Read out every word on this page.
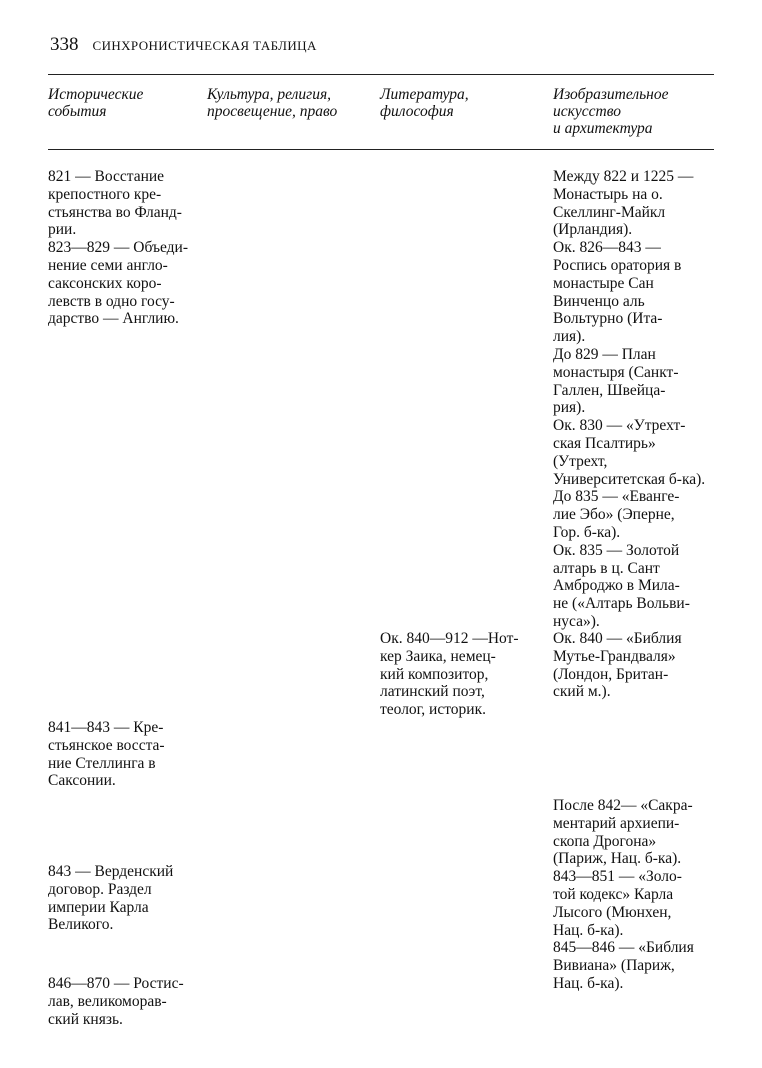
338 СИНХРОНИСТИЧЕСКАЯ ТАБЛИЦА
Исторические
события
Культура, религия,
просвещение, право
Литература,
философия
Изобразительное
искусство
и архитектура
821 — Восстание
крепостного кре-
стьянства во Фланд-
рии.
823—829 — Объеди-
нение семи англо-
саксонских коро-
левств в одно госу-
дарство — Англию.
841—843 — Кре-
стьянское восста-
ние Стеллинга в
Саксонии.
843 — Верденский
договор. Раздел
империи Карла
Великого.
846—870 — Ростис-
лав, великоморав-
ский князь.
Ок. 840—912 —Нот-
кер Заика, немец-
кий композитор,
латинский поэт,
теолог, историк.
Между 822 и 1225 —
Монастырь на о.
Скеллинг-Майкл
(Ирландия).
Ок. 826—843 —
Роспись оратория в
монастыре Сан
Винченцо аль
Вольтурно (Ита-
лия).
До 829 — План
монастыря (Санкт-
Галлен, Швейца-
рия).
Ок. 830 — «Утрехт-
ская Псалтирь»
(Утрехт, Университетская б-ка).
До 835 — «Еванге-
лие Эбо» (Эперне,
Гор. б-ка).
Ок. 835 — Золотой
алтарь в ц. Сант
Амброджо в Мила-
не («Алтарь Вольви-
нуса»).
Ок. 840 — «Библия
Мутье-Грандваля»
(Лондон, Британ-
ский м.).
После 842— «Сакра-
ментарий архиепи-
скопа Дрогона»
(Париж, Нац. б-ка).
843—851 — «Золо-
той кодекс» Карла
Лысого (Мюнхен,
Нац. б-ка).
845—846 — «Библия
Вивиана» (Париж,
Нац. б-ка).
